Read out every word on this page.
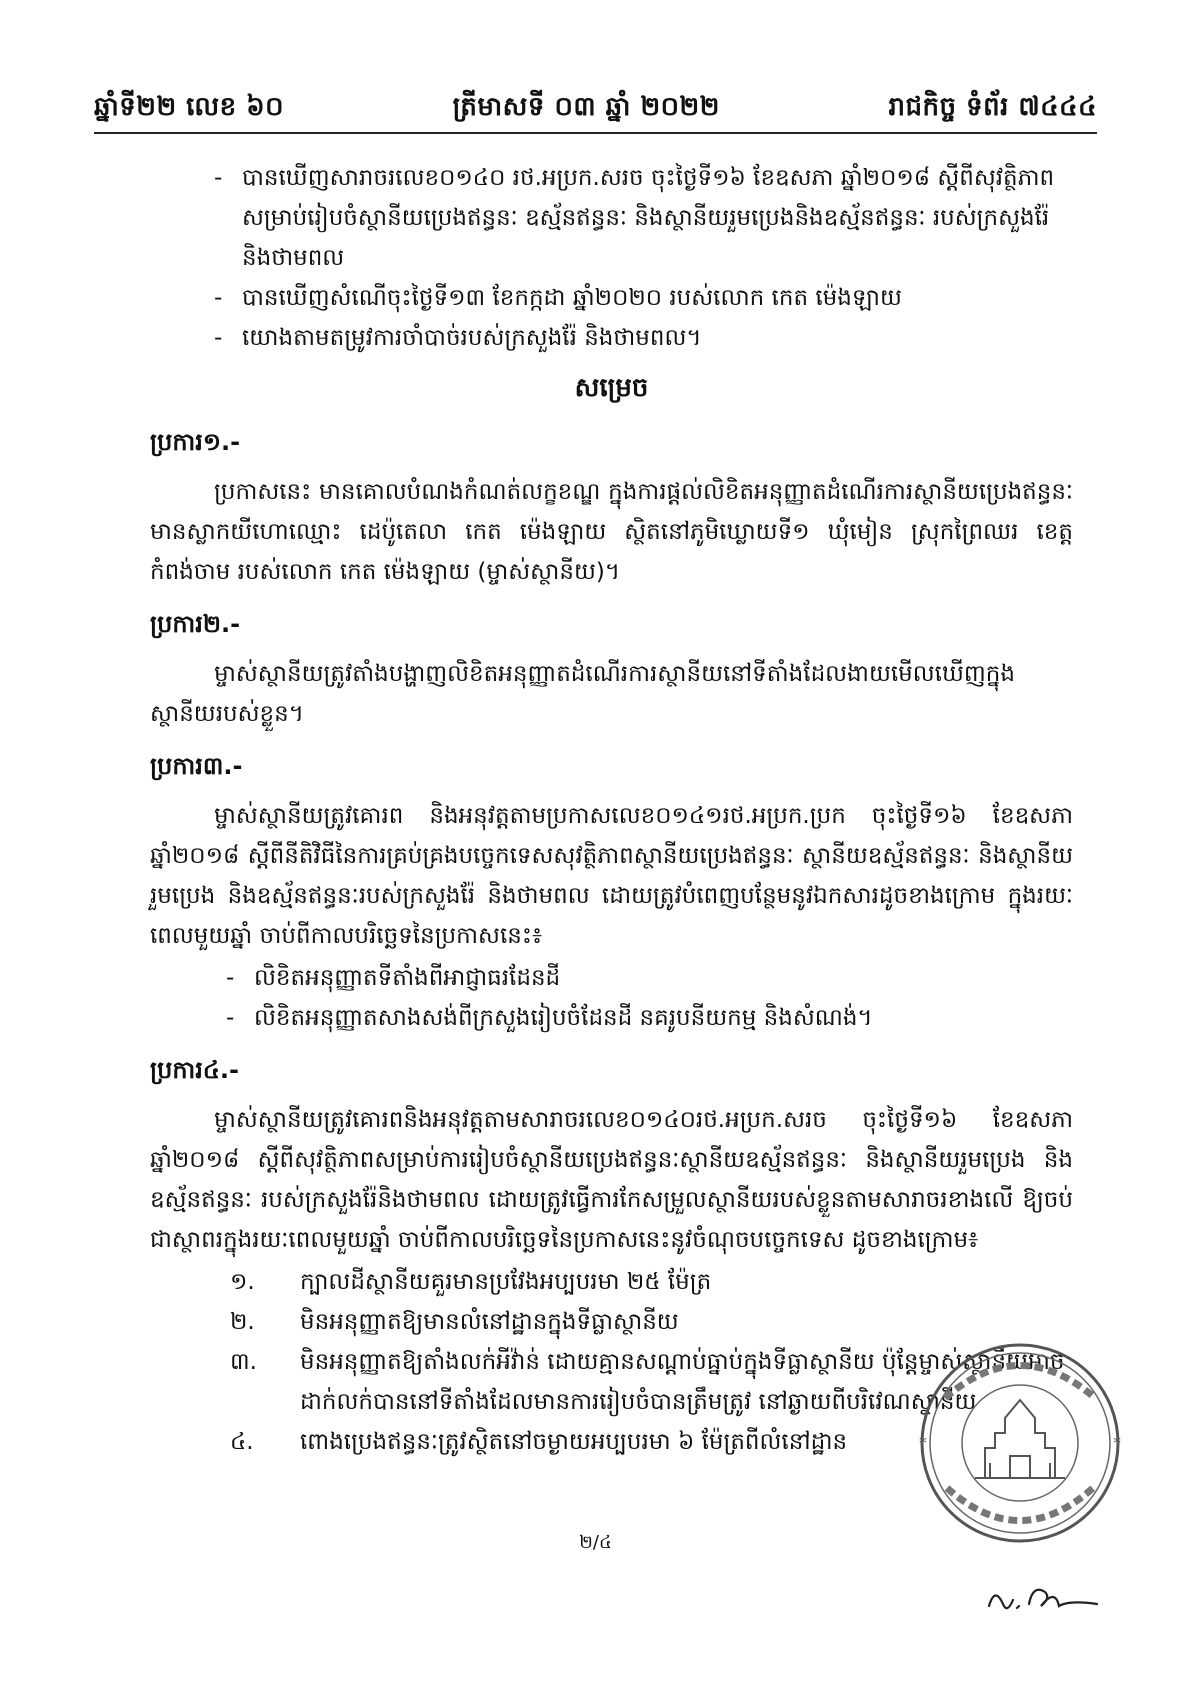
ឆ្នាំទី២២ លេខ ៦០	ត្រីមាសទី ០៣ ឆ្នាំ ២០២២	រាជកិច្ច ទំព័រ ៧៤៤៤
- បានឃើញសារាចរលេខ០១៤០ រថ.អប្រក.សរច ចុះថ្ងៃទី១៦ ខែឧសភា ឆ្នាំ២០១៨ ស្តីពីសុវត្ថិភាព សម្រាប់រៀបចំស្ថានីយប្រេងឥន្ធនៈ ឧស្ម័នឥន្ធនៈ និងស្ថានីយរួមប្រេងនិងឧស្ម័នឥន្ធនៈ របស់ក្រសួងរ៉ែនិងថាមពល
- បានឃើញសំណើចុះថ្ងៃទី១៣ ខែកក្កដា ឆ្នាំ២០២០ របស់លោក កេត ម៉េងឡាយ
- យោងតាមតម្រូវការចាំបាច់របស់ក្រសួងរ៉ែ និងថាមពល។
សម្រេច
ប្រការ១.-

ប្រកាសនេះ មានគោលបំណងកំណត់លក្ខខណ្ឌ ក្នុងការផ្តល់លិខិតអនុញ្ញាតដំណើរការស្ថានីយប្រេងឥន្ធនៈ មានស្លាកយីហោឈ្មោះ ដេប៉ូតេលា កេត ម៉េងឡាយ ស្ថិតនៅភូមិឃ្លោយទី១ ឃុំមៀន ស្រុកព្រៃឈរ ខេត្តកំពង់ចាម របស់លោក កេត ម៉េងឡាយ (ម្ចាស់ស្ថានីយ)។

ប្រការ២.-

ម្ចាស់ស្ថានីយត្រូវតាំងបង្ហាញលិខិតអនុញ្ញាតដំណើរការស្ថានីយនៅទីតាំងដែលងាយមើលឃើញក្នុងស្ថានីយរបស់ខ្លួន។

ប្រការ៣.-

ម្ចាស់ស្ថានីយត្រូវគោរព និងអនុវត្តតាមប្រកាសលេខ០១៤១រថ.អប្រក.ប្រក ចុះថ្ងៃទី១៦ ខែឧសភា ឆ្នាំ២០១៨ ស្តីពីនីតិវិធីនៃការគ្រប់គ្រងបច្ចេកទេសសុវត្ថិភាពស្ថានីយប្រេងឥន្ធនៈ ស្ថានីយឧស្ម័នឥន្ធនៈ និងស្ថានីយរួមប្រេង និងឧស្ម័នឥន្ធនៈរបស់ក្រសួងរ៉ែ និងថាមពល ដោយត្រូវបំពេញបន្ថែមនូវឯកសារដូចខាងក្រោម ក្នុងរយៈពេលមួយឆ្នាំ ចាប់ពីកាលបរិច្ឆេទនៃប្រកាសនេះ៖

- លិខិតអនុញ្ញាតទីតាំងពីអាជ្ញាធរដែនដី
- លិខិតអនុញ្ញាតសាងសង់ពីក្រសួងរៀបចំដែនដី នគរូបនីយកម្ម និងសំណង់។
ប្រការ៤.-

ម្ចាស់ស្ថានីយត្រូវគោរពនិងអនុវត្តតាមសារាចរលេខ០១៤០រថ.អប្រក.សរច ចុះថ្ងៃទី១៦ ខែឧសភា ឆ្នាំ២០១៨ ស្តីពីសុវត្ថិភាពសម្រាប់ការរៀបចំស្ថានីយប្រេងឥន្ធនៈស្ថានីយឧស្ម័នឥន្ធនៈ និងស្ថានីយរួមប្រេង និងឧស្ម័នឥន្ធនៈ របស់ក្រសួងរ៉ែនិងថាមពល ដោយត្រូវធ្វើការកែសម្រួលស្ថានីយរបស់ខ្លួនតាមសារាចរខាងលើ ឱ្យចប់ជាស្ថាពរក្នុងរយៈពេលមួយឆ្នាំ ចាប់ពីកាលបរិច្ឆេទនៃប្រកាសនេះនូវចំណុចបច្ចេកទេស ដូចខាងក្រោម៖

១.	ក្បាលដីស្ថានីយគួរមានប្រវែងអប្បបរមា ២៥ ម៉ែត្រ
២.	មិនអនុញ្ញាតឱ្យមានលំនៅដ្ឋានក្នុងទីធ្លាស្ថានីយ
៣.	មិនអនុញ្ញាតឱ្យតាំងលក់អីវ៉ាន់ ដោយគ្មានសណ្តាប់ធ្នាប់ក្នុងទីធ្លាស្ថានីយ ប៉ុន្តែម្ចាស់ស្ថានីយអាចដាក់លក់បាននៅទីតាំងដែលមានការរៀបចំបានត្រឹមត្រូវ នៅឆ្ងាយពីបរិវេណស្ថានីយ
៤.	ពោងប្រេងឥន្ធនៈត្រូវស្ថិតនៅចម្ងាយអប្បបរមា ៦ ម៉ែត្រពីលំនៅដ្ឋាន
២/៤
*
*
